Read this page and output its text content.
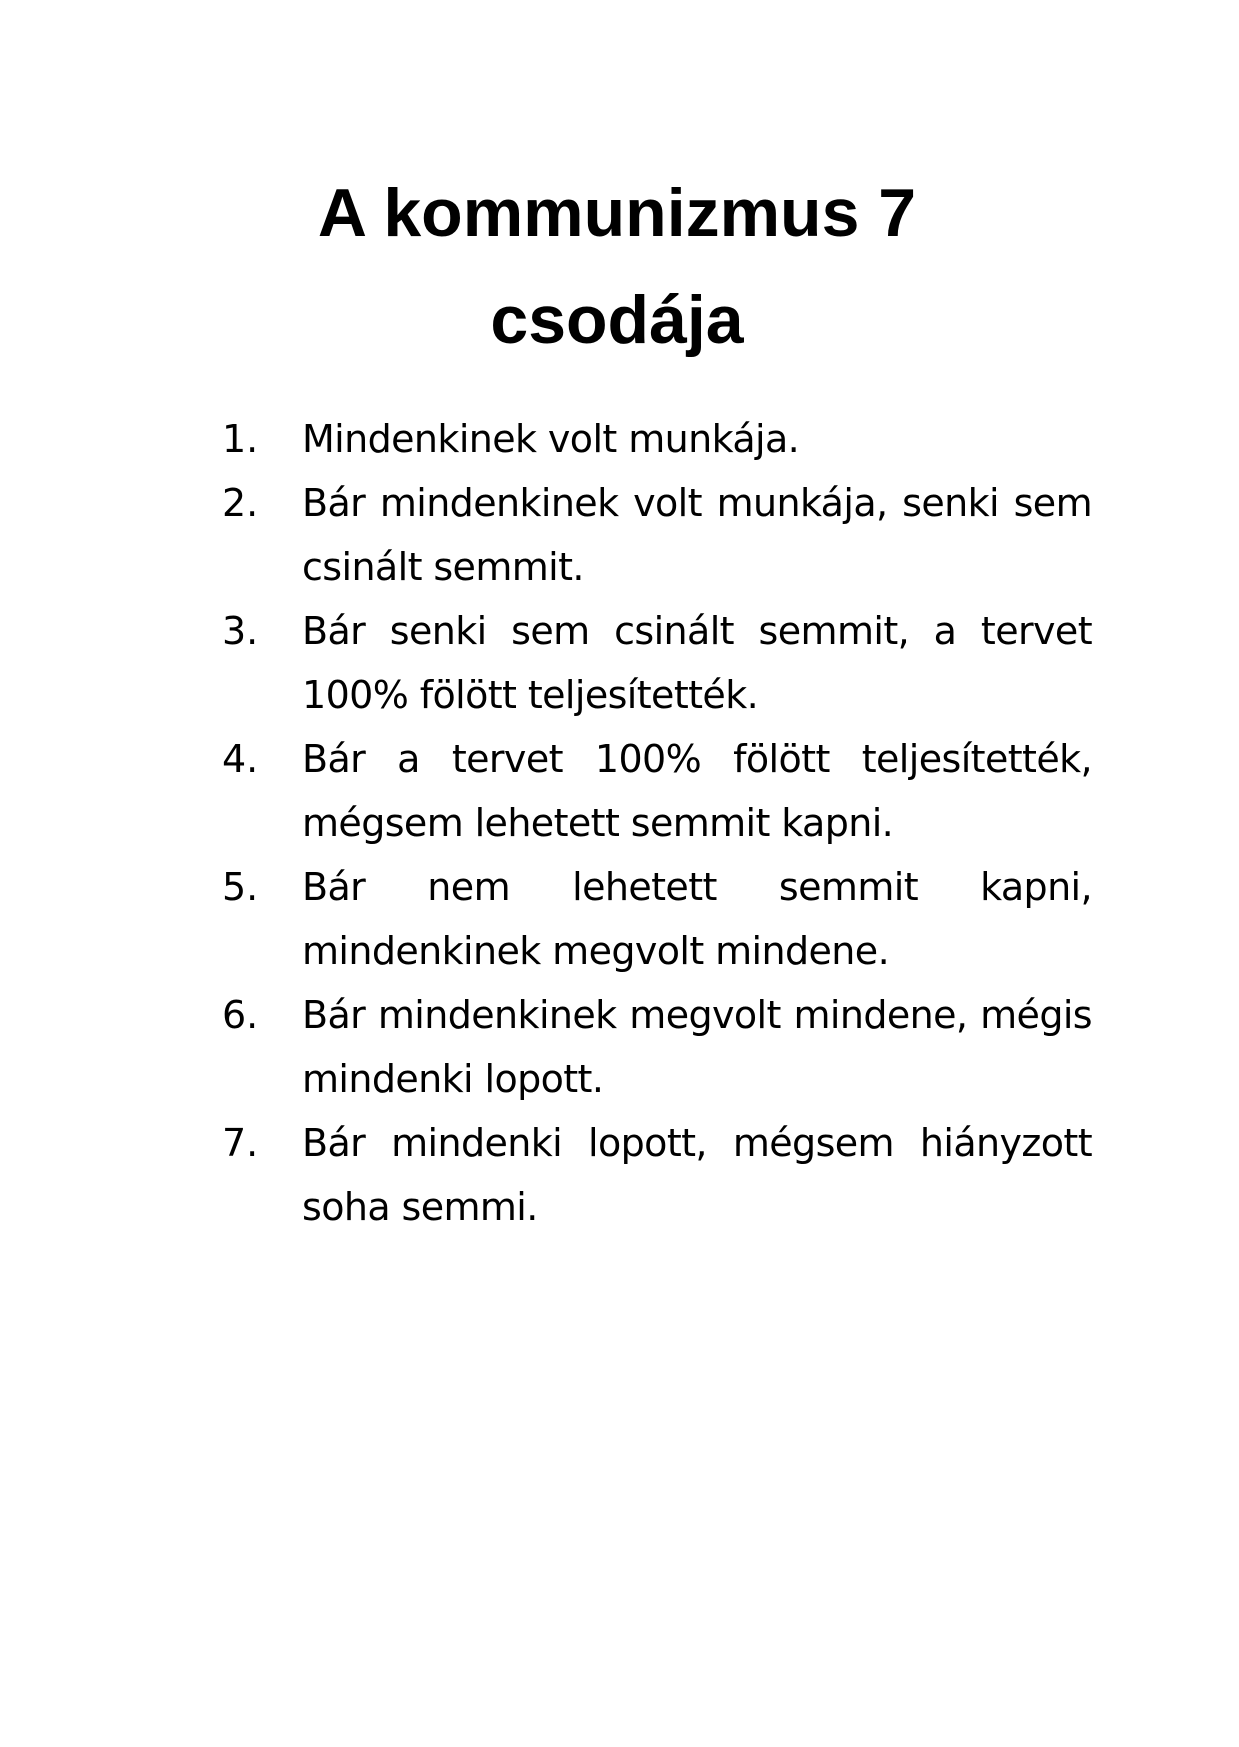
A kommunizmus 7 csodája
1.	Mindenkinek volt munkája.
2.	Bár mindenkinek volt munkája, senki sem csinált semmit.
3.	Bár senki sem csinált semmit, a tervet 100% fölött teljesítették.
4.	Bár a tervet 100% fölött teljesítették, mégsem lehetett semmit kapni.
5.	Bár nem lehetett semmit kapni, mindenkinek megvolt mindene.
6.	Bár mindenkinek megvolt mindene, mégis mindenki lopott.
7.	Bár mindenki lopott, mégsem hiányzott soha semmi.
